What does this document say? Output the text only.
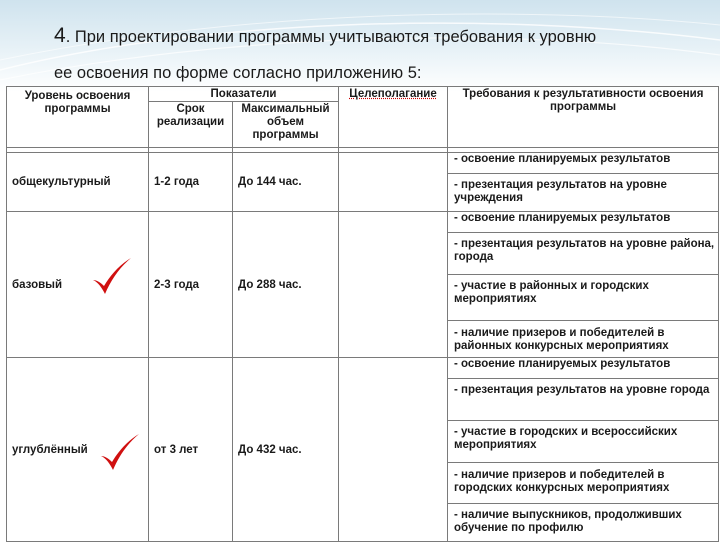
4. При проектировании программы учитываются требования к уровню
ее освоения по форме согласно приложению 5:
Уровень освоения программы	Показатели		Целеполагание	Требования к результативности освоения программы
	Срок реализации	Максимальный объем программы		

общекультурный	1-2 года	До 144 час.		- освоение планируемых результатов
- презентация результатов на уровне учреждения

базовый	2-3 года	До 288 час.		- освоение планируемых результатов
- презентация результатов на уровне района, города
- участие в районных и городских мероприятиях
- наличие призеров и победителей в районных конкурсных мероприятиях

углублённый	от 3 лет	До 432 час.		- освоение планируемых результатов
- презентация результатов на уровне города
- участие в городских и всероссийских мероприятиях
- наличие призеров и победителей в городских конкурсных мероприятиях
- наличие выпускников, продолживших обучение по профилю
